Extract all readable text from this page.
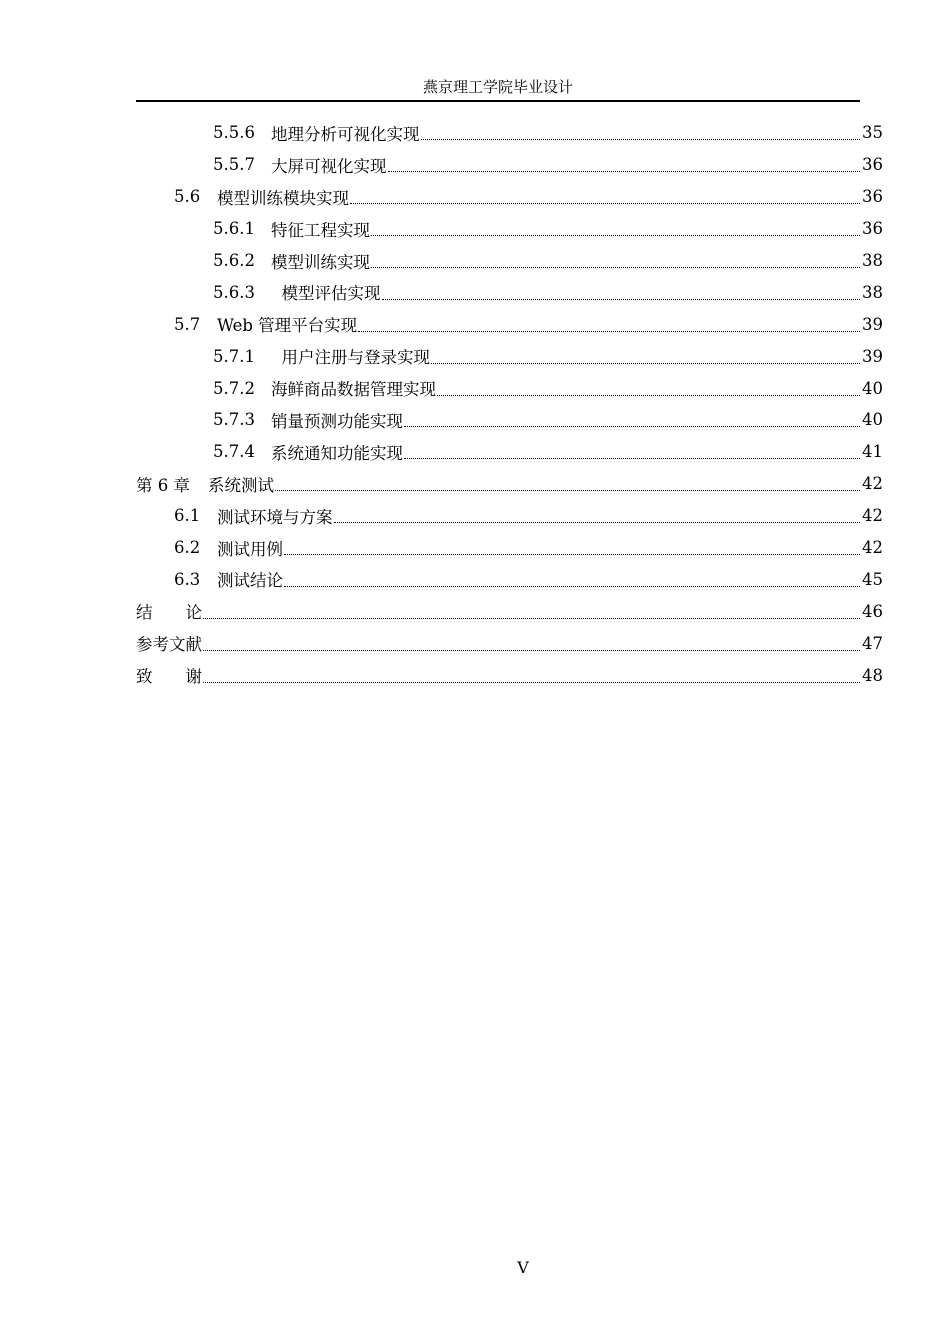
燕京理工学院毕业设计
5.5.6 地理分析可视化实现	35
5.5.7 大屏可视化实现	36
5.6 模型训练模块实现	36
5.6.1 特征工程实现	36
5.6.2 模型训练实现	38
5.6.3 模型评估实现	38
5.7 Web 管理平台实现	39
5.7.1 用户注册与登录实现	39
5.7.2 海鲜商品数据管理实现	40
5.7.3 销量预测功能实现	40
5.7.4 系统通知功能实现	41
第 6 章 系统测试	42
6.1 测试环境与方案	42
6.2 测试用例	42
6.3 测试结论	45
结　　论	46
参考文献	47
致　　谢	48
V
